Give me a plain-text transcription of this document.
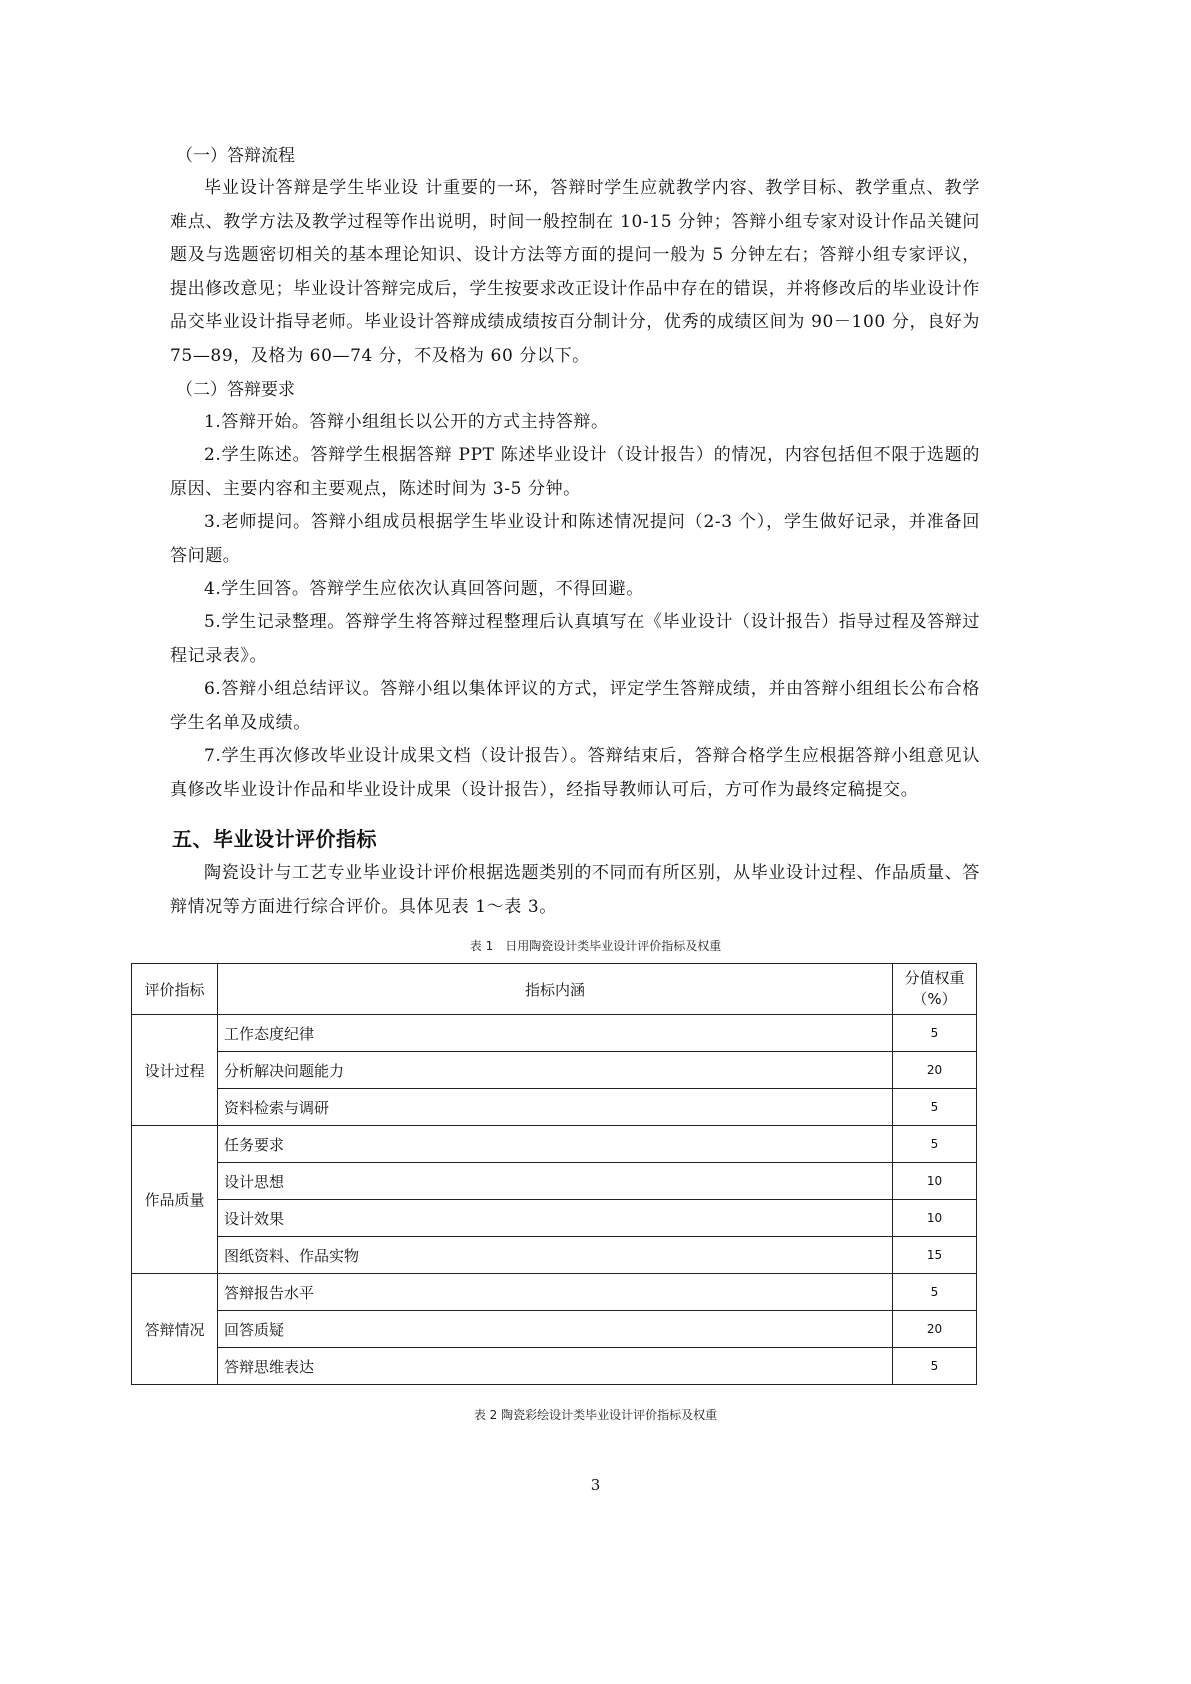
（一）答辩流程

毕业设计答辩是学生毕业设 计重要的一环，答辩时学生应就教学内容、教学目标、教学重点、教学难点、教学方法及教学过程等作出说明，时间一般控制在 10-15 分钟；答辩小组专家对设计作品关键问题及与选题密切相关的基本理论知识、设计方法等方面的提问一般为 5 分钟左右；答辩小组专家评议，提出修改意见；毕业设计答辩完成后，学生按要求改正设计作品中存在的错误，并将修改后的毕业设计作品交毕业设计指导老师。毕业设计答辩成绩成绩按百分制计分，优秀的成绩区间为 90－100 分，良好为 75—89，及格为 60—74 分，不及格为 60 分以下。

（二）答辩要求

1.答辩开始。答辩小组组长以公开的方式主持答辩。

2.学生陈述。答辩学生根据答辩 PPT 陈述毕业设计（设计报告）的情况，内容包括但不限于选题的原因、主要内容和主要观点，陈述时间为 3-5 分钟。

3.老师提问。答辩小组成员根据学生毕业设计和陈述情况提问（2-3 个），学生做好记录，并准备回答问题。

4.学生回答。答辩学生应依次认真回答问题，不得回避。

5.学生记录整理。答辩学生将答辩过程整理后认真填写在《毕业设计（设计报告）指导过程及答辩过程记录表》。

6.答辩小组总结评议。答辩小组以集体评议的方式，评定学生答辩成绩，并由答辩小组组长公布合格学生名单及成绩。

7.学生再次修改毕业设计成果文档（设计报告）。答辩结束后，答辩合格学生应根据答辩小组意见认真修改毕业设计作品和毕业设计成果（设计报告），经指导教师认可后，方可作为最终定稿提交。

五、毕业设计评价指标

陶瓷设计与工艺专业毕业设计评价根据选题类别的不同而有所区别，从毕业设计过程、作品质量、答辩情况等方面进行综合评价。具体见表 1～表 3。

表 1　日用陶瓷设计类毕业设计评价指标及权重

评价指标	指标内涵	分值权重
（%）

设计过程	工作态度纪律	5
	分析解决问题能力	20
	资料检索与调研	5
作品质量	任务要求	5
	设计思想	10
	设计效果	10
	图纸资料、作品实物	15
答辩情况	答辩报告水平	5
	回答质疑	20
	答辩思维表达	5

表 2 陶瓷彩绘设计类毕业设计评价指标及权重

3
